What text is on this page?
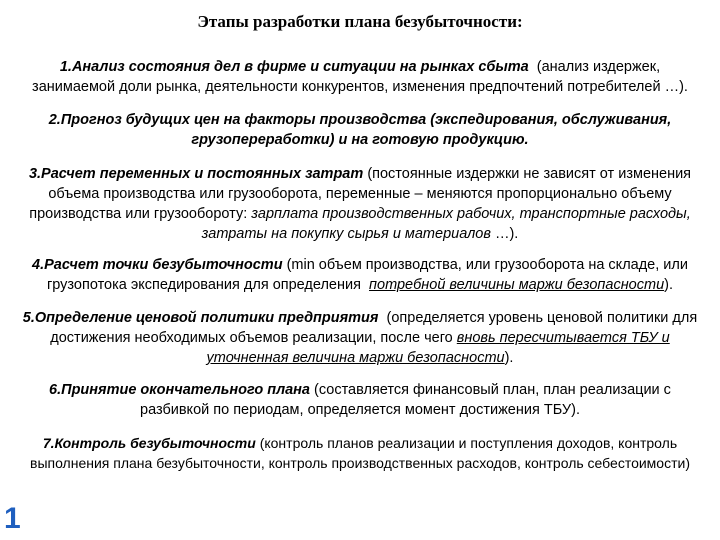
Этапы разработки плана безубыточности:
1.Анализ состояния дел в фирме и ситуации на рынках сбыта (анализ издержек,
занимаемой доли рынка, деятельности конкурентов, изменения предпочтений потребителей …).
2.Прогноз будущих цен на факторы производства (экспедирования, обслуживания,
грузопереработки) и на готовую продукцию.
3.Расчет переменных и постоянных затрат (постоянные издержки не зависят от изменения
объема производства или грузооборота, переменные – меняются пропорционально объему
производства или грузообороту: зарплата производственных рабочих, транспортные расходы,
затраты на покупку сырья и материалов …).
4.Расчет точки безубыточности (min объем производства, или грузооборота на складе, или
грузопотока экспедирования для определения потребной величины маржи безопасности).
5.Определение ценовой политики предприятия (определяется уровень ценовой политики для
достижения необходимых объемов реализации, после чего вновь пересчитывается ТБУ и
уточненная величина маржи безопасности).
6.Принятие окончательного плана (составляется финансовый план, план реализации с
разбивкой по периодам, определяется момент достижения ТБУ).
7.Контроль безубыточности (контроль планов реализации и поступления доходов, контроль
выполнения плана безубыточности, контроль производственных расходов, контроль себестоимости)
1
